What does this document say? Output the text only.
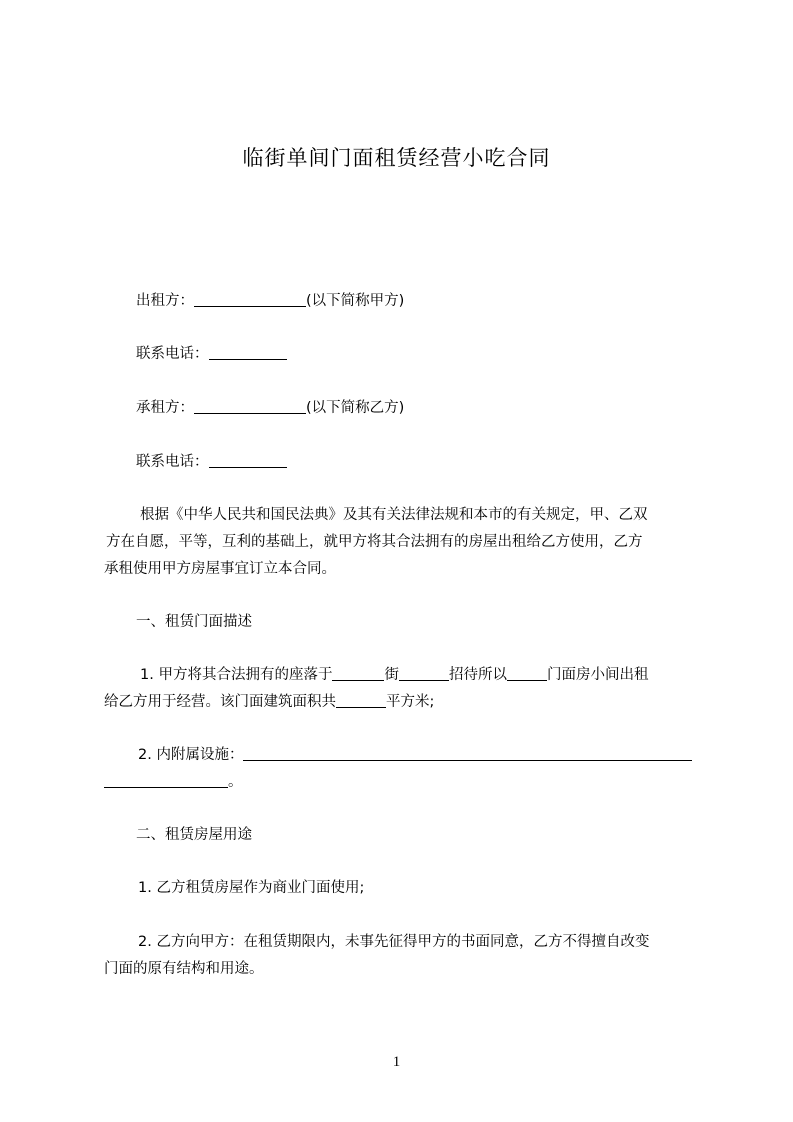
临街单间门面租赁经营小吃合同
出租方：	(以下简称甲方)
联系电话：
承租方：	(以下简称乙方)
联系电话：
根据《中华人民共和国民法典》及其有关法律法规和本市的有关规定，甲、乙双
方在自愿，平等，互利的基础上，就甲方将其合法拥有的房屋出租给乙方使用，乙方
承租使用甲方房屋事宜订立本合同。
一、租赁门面描述
1. 甲方将其合法拥有的座落于	街	招待所以	门面房小间出租
给乙方用于经营。该门面建筑面积共	平方米;
2. 内附属设施：
。
二、租赁房屋用途
1. 乙方租赁房屋作为商业门面使用;
2. 乙方向甲方：在租赁期限内，未事先征得甲方的书面同意，乙方不得擅自改变
门面的原有结构和用途。
1
